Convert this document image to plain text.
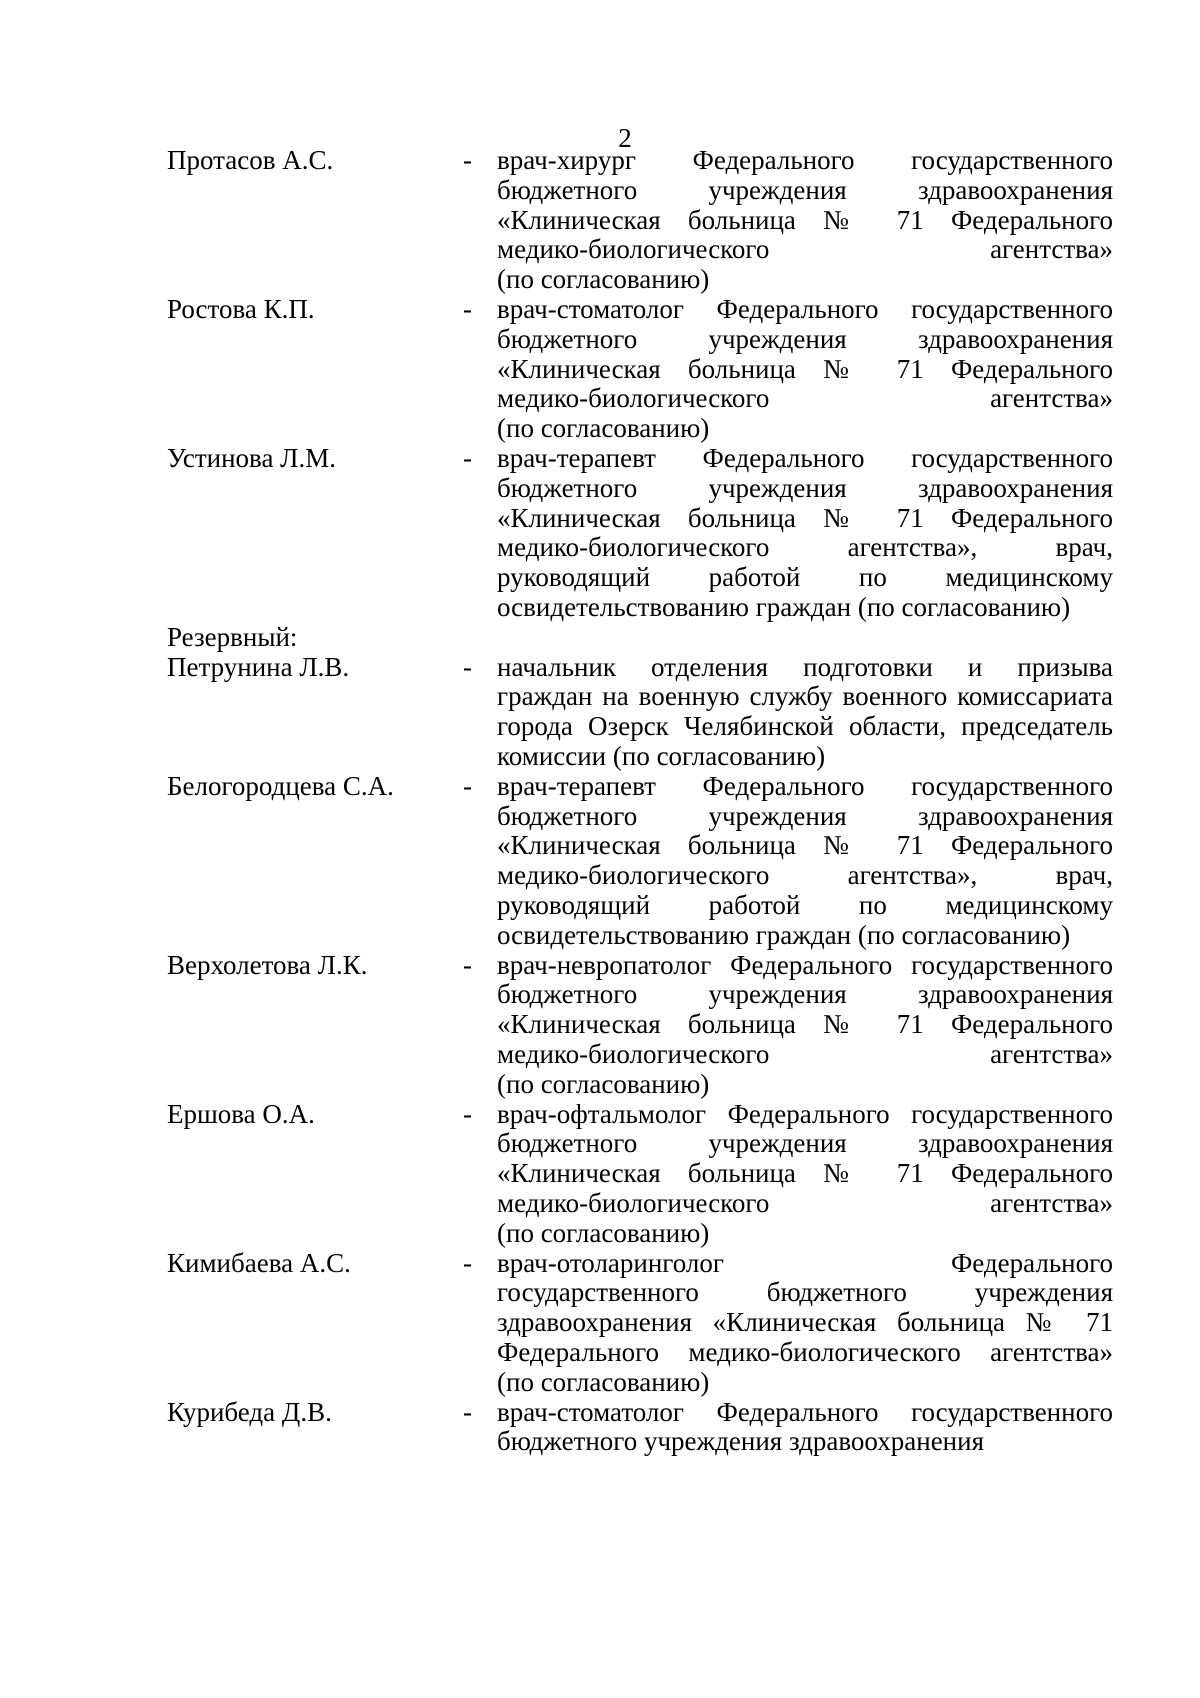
2
Протасов А.С.	- врач-хирург Федерального государственного
бюджетного учреждения здравоохранения
«Клиническая больница № 71 Федерального
медико-биологического агентства»
(по согласованию)
Ростова К.П.	- врач-стоматолог Федерального государственного
бюджетного учреждения здравоохранения
«Клиническая больница № 71 Федерального
медико-биологического агентства»
(по согласованию)
Устинова Л.М.	- врач-терапевт Федерального государственного
бюджетного учреждения здравоохранения
«Клиническая больница № 71 Федерального
медико-биологического агентства», врач,
руководящий работой по медицинскому
освидетельствованию граждан (по согласованию)
Резервный:
Петрунина Л.В.	- начальник отделения подготовки и призыва
граждан на военную службу военного комиссариата
города Озерск Челябинской области, председатель
комиссии (по согласованию)
Белогородцева С.А.	- врач-терапевт Федерального государственного
бюджетного учреждения здравоохранения
«Клиническая больница № 71 Федерального
медико-биологического агентства», врач,
руководящий работой по медицинскому
освидетельствованию граждан (по согласованию)
Верхолетова Л.К.	- врач-невропатолог Федерального государственного
бюджетного учреждения здравоохранения
«Клиническая больница № 71 Федерального
медико-биологического агентства»
(по согласованию)
Ершова О.А.	- врач-офтальмолог Федерального государственного
бюджетного учреждения здравоохранения
«Клиническая больница № 71 Федерального
медико-биологического агентства»
(по согласованию)
Кимибаева А.С.	- врач-отоларинголог Федерального
государственного бюджетного учреждения
здравоохранения «Клиническая больница № 71
Федерального медико-биологического агентства»
(по согласованию)
Курибеда Д.В.	- врач-стоматолог Федерального государственного
бюджетного учреждения здравоохранения
